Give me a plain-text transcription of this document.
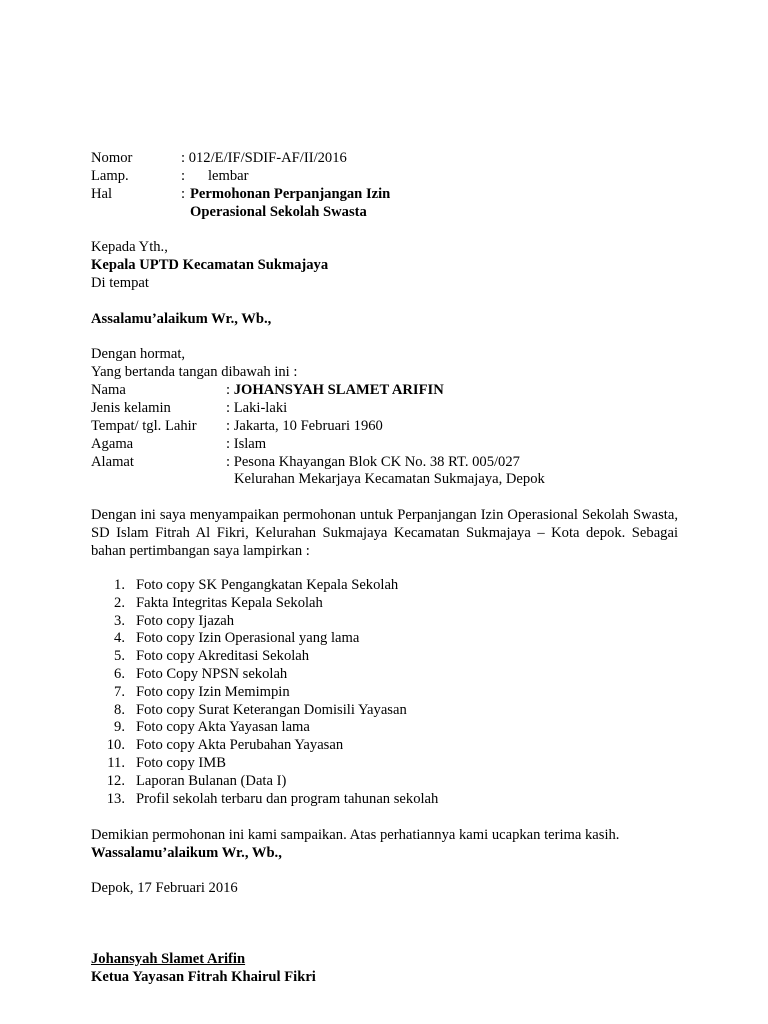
Nomor	: 012/E/IF/SDIF-AF/II/2016
Lamp.	: lembar
Hal	: Permohonan Perpanjangan Izin
Operasional Sekolah Swasta
Kepada Yth.,
Kepala UPTD Kecamatan Sukmajaya
Di tempat
Assalamu’alaikum Wr., Wb.,
Dengan hormat,
Yang bertanda tangan dibawah ini :
Nama	: JOHANSYAH SLAMET ARIFIN
Jenis kelamin	: Laki-laki
Tempat/ tgl. Lahir : Jakarta, 10 Februari 1960
Agama	: Islam
Alamat	: Pesona Khayangan Blok CK No. 38 RT. 005/027
Kelurahan Mekarjaya Kecamatan Sukmajaya, Depok
Dengan ini saya menyampaikan permohonan untuk Perpanjangan Izin Operasional Sekolah Swasta, SD Islam Fitrah Al Fikri, Kelurahan Sukmajaya Kecamatan Sukmajaya – Kota depok. Sebagai bahan pertimbangan saya lampirkan :
1. Foto copy SK Pengangkatan Kepala Sekolah
2. Fakta Integritas Kepala Sekolah
3. Foto copy Ijazah
4. Foto copy Izin Operasional yang lama
5. Foto copy Akreditasi Sekolah
6. Foto Copy NPSN sekolah
7. Foto copy Izin Memimpin
8. Foto copy Surat Keterangan Domisili Yayasan
9. Foto copy Akta Yayasan lama
10. Foto copy Akta Perubahan Yayasan
11. Foto copy IMB
12. Laporan Bulanan (Data I)
13. Profil sekolah terbaru dan program tahunan sekolah
Demikian permohonan ini kami sampaikan. Atas perhatiannya kami ucapkan terima kasih.
Wassalamu’alaikum Wr., Wb.,
Depok, 17 Februari 2016
Johansyah Slamet Arifin
Ketua Yayasan Fitrah Khairul Fikri
